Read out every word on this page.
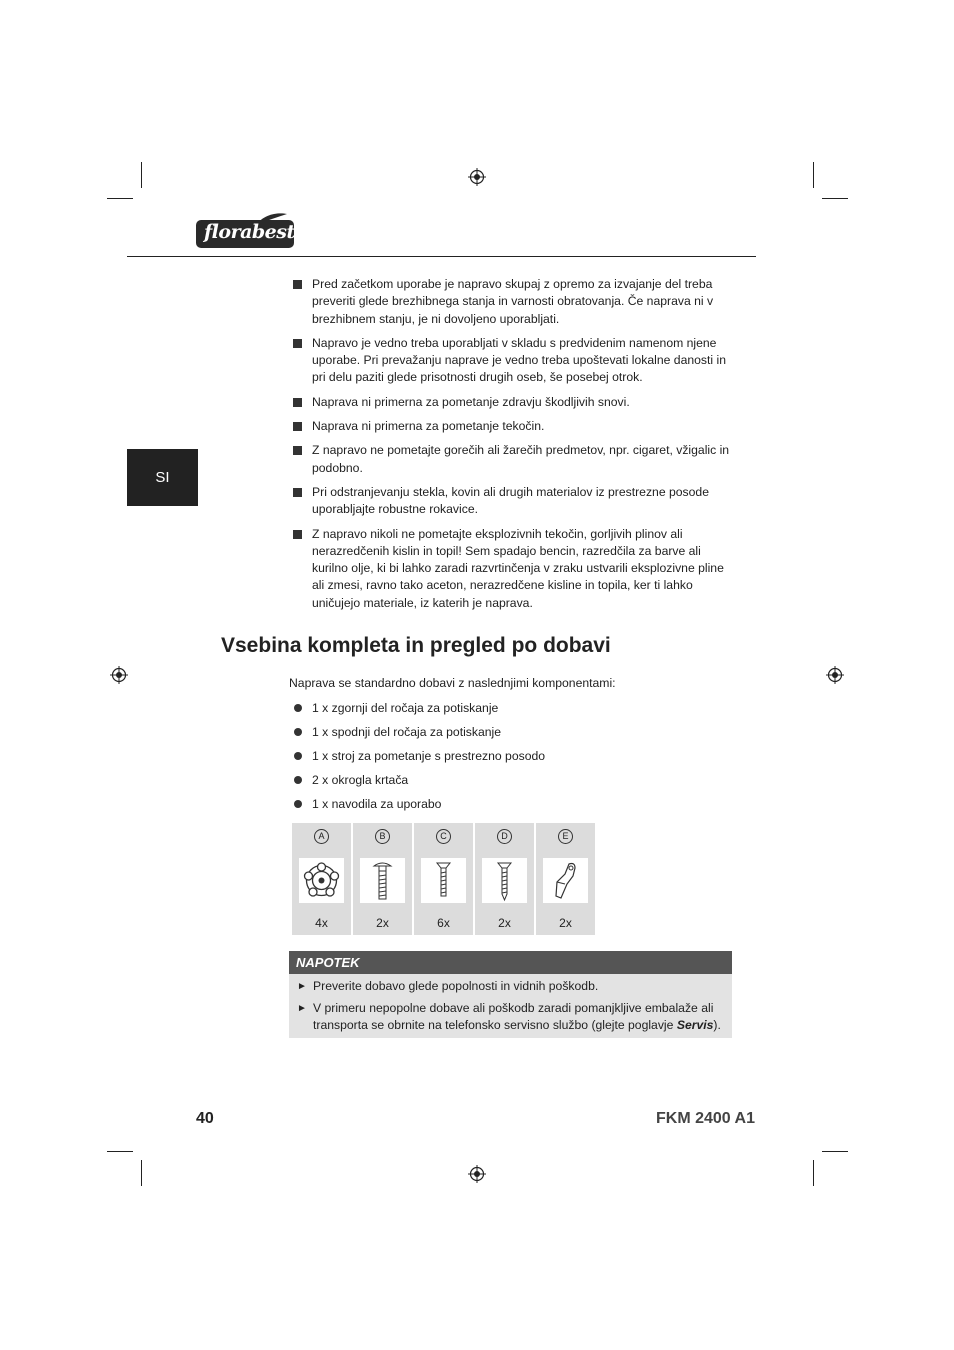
florabest
SI
Pred začetkom uporabe je napravo skupaj z opremo za izvajanje del treba preveriti glede brezhibnega stanja in varnosti obratovanja. Če naprava ni v brezhibnem stanju, je ni dovoljeno uporabljati.
Napravo je vedno treba uporabljati v skladu s predvidenim namenom njene uporabe. Pri prevažanju naprave je vedno treba upoštevati lokalne danosti in pri delu paziti glede prisotnosti drugih oseb, še posebej otrok.
Naprava ni primerna za pometanje zdravju škodljivih snovi.
Naprava ni primerna za pometanje tekočin.
Z napravo ne pometajte gorečih ali žarečih predmetov, npr. cigaret, vžigalic in podobno.
Pri odstranjevanju stekla, kovin ali drugih materialov iz prestrezne posode uporabljajte robustne rokavice.
Z napravo nikoli ne pometajte eksplozivnih tekočin, gorljivih plinov ali nerazredčenih kislin in topil! Sem spadajo bencin, razredčila za barve ali kurilno olje, ki bi lahko zaradi razvrtinčenja v zraku ustvarili eksplozivne pline ali zmesi, ravno tako aceton, nerazredčene kisline in topila, ker ti lahko uničujejo materiale, iz katerih je naprava.
Vsebina kompleta in pregled po dobavi
Naprava se standardno dobavi z naslednjimi komponentami:
1 x zgornji del ročaja za potiskanje
1 x spodnji del ročaja za potiskanje
1 x stroj za pometanje s prestrezno posodo
2 x okrogla krtača
1 x navodila za uporabo
A	B	C	D	E

4x	2x	6x	2x	2x
NAPOTEK
► Preverite dobavo glede popolnosti in vidnih poškodb.
► V primeru nepopolne dobave ali poškodb zaradi pomanjkljive embalaže ali transporta se obrnite na telefonsko servisno službo (glejte poglavje Servis).
40	FKM 2400 A1
